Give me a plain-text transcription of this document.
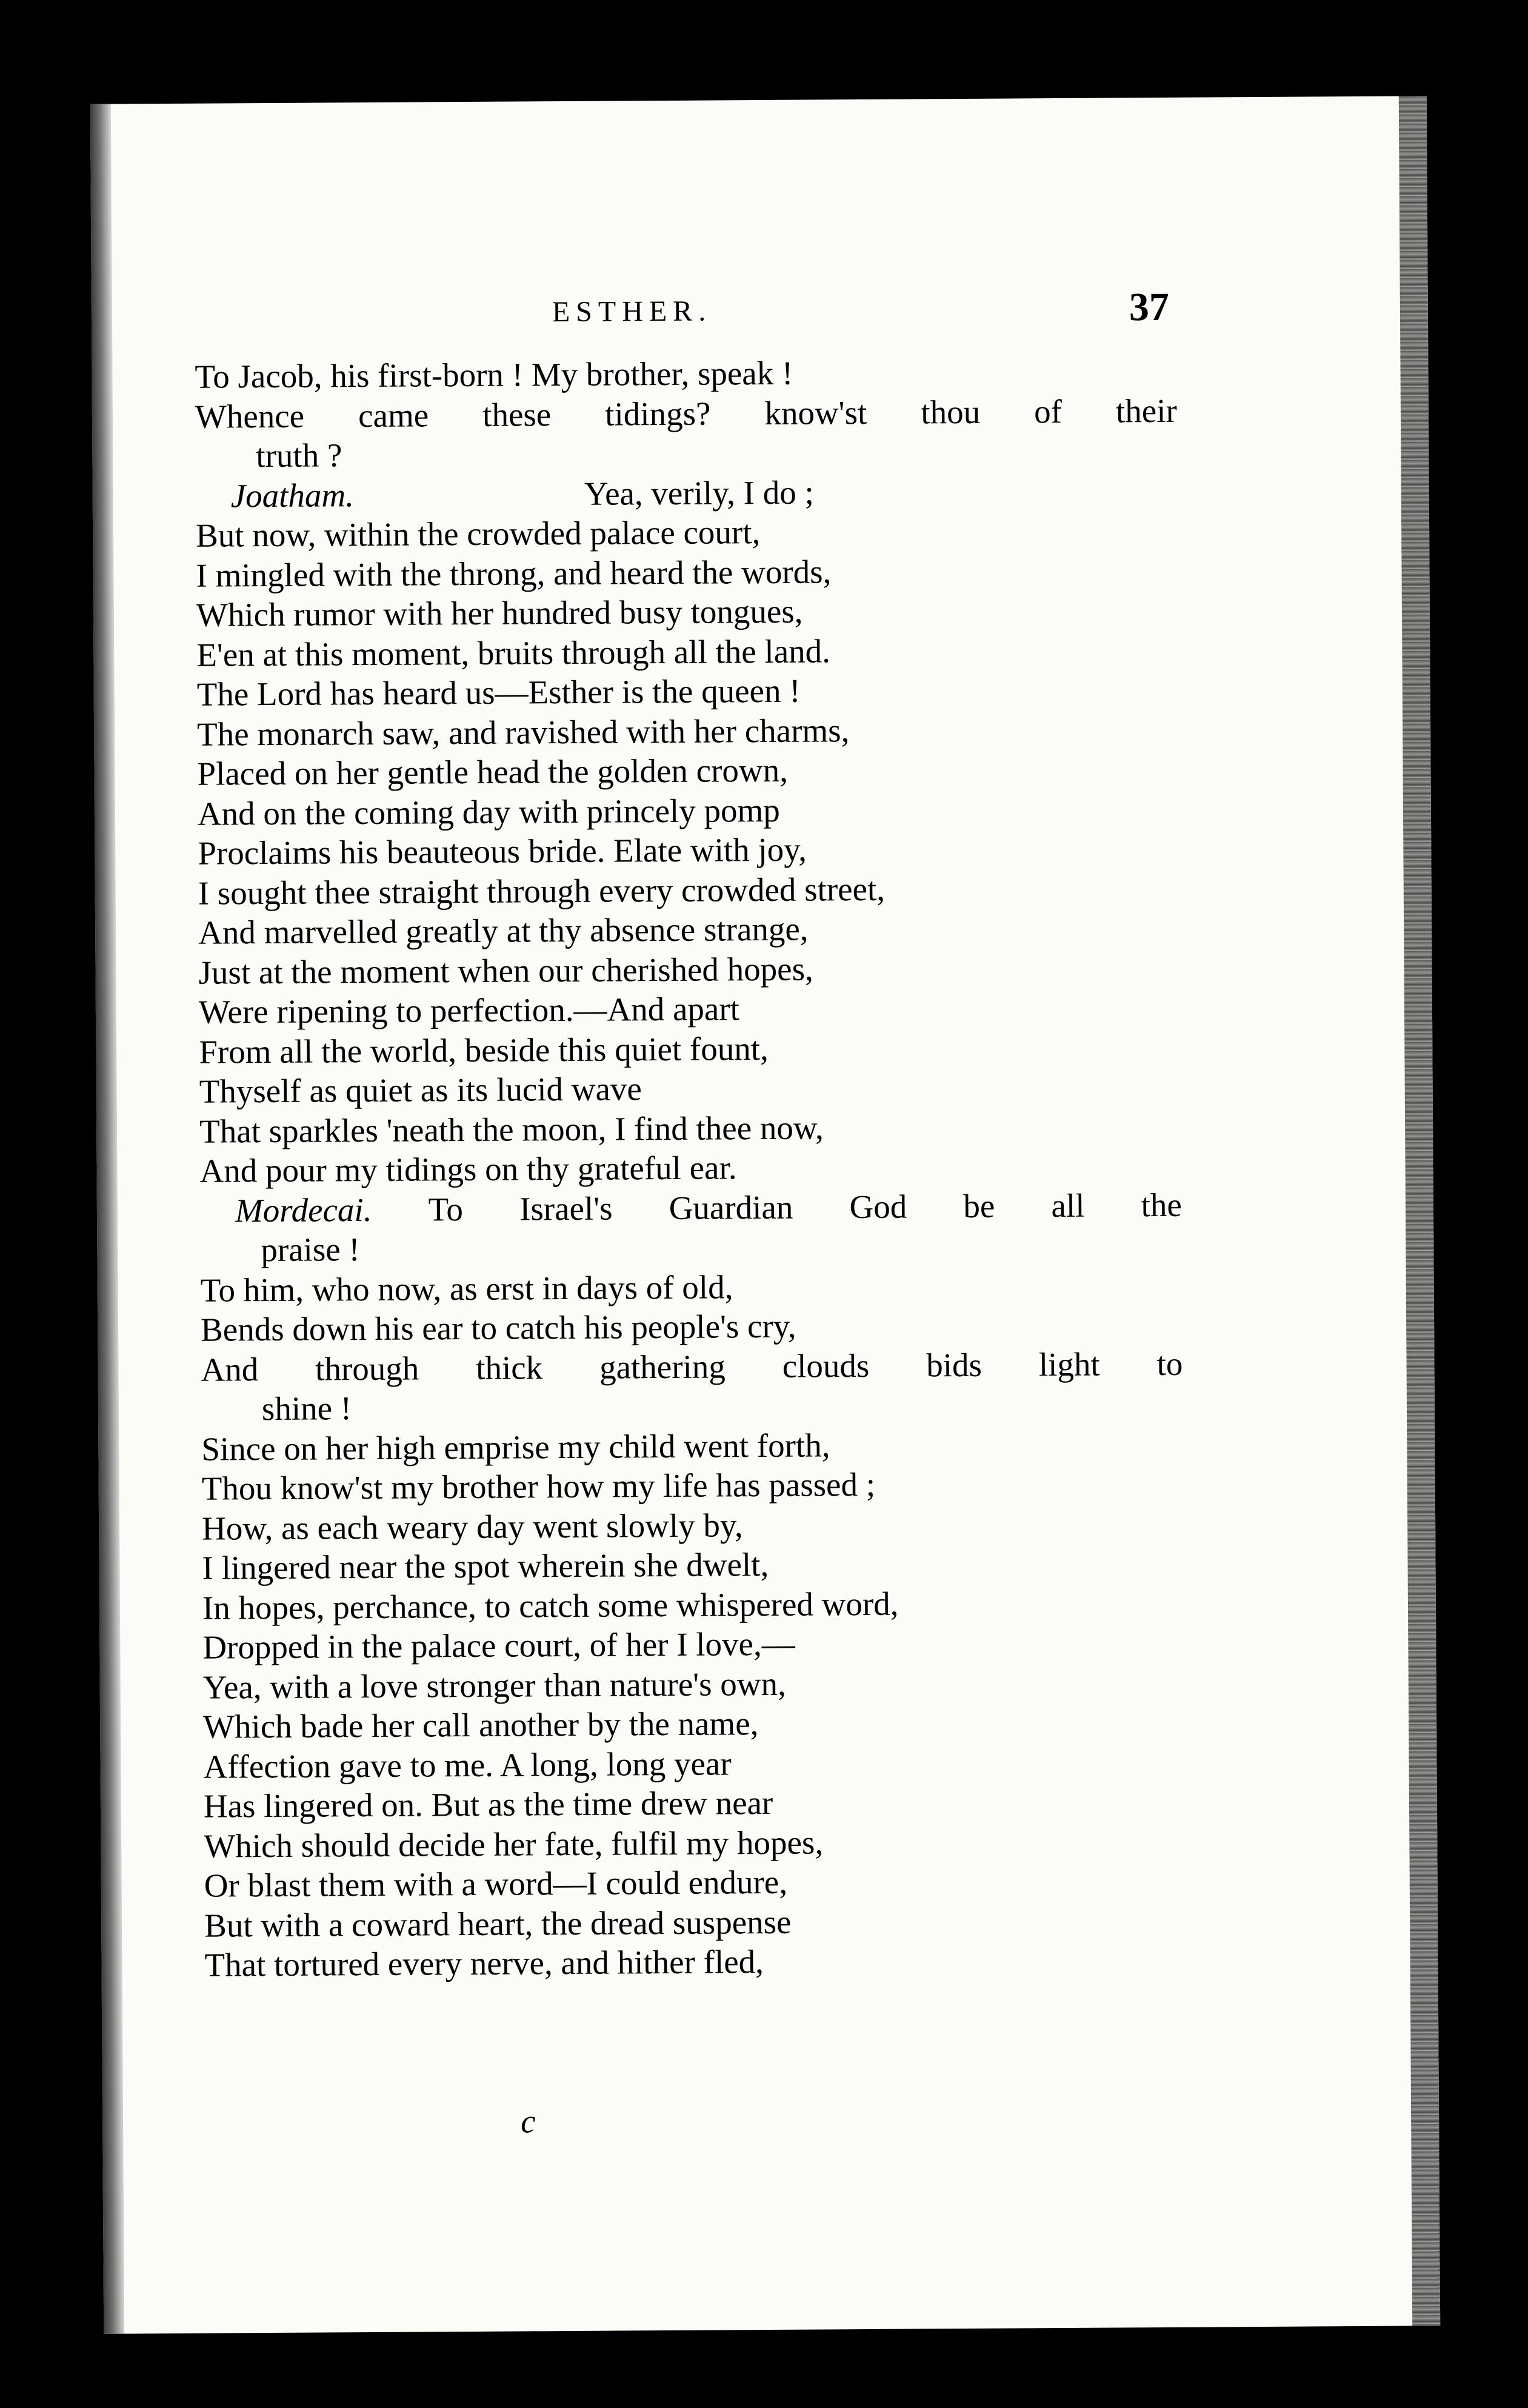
ESTHER.	37
To Jacob, his first-born ! My brother, speak !
Whence came these tidings? know'st thou of their
truth ?
Joatham.	Yea, verily, I do ;
But now, within the crowded palace court,
I mingled with the throng, and heard the words,
Which rumor with her hundred busy tongues,
E'en at this moment, bruits through all the land.
The Lord has heard us—Esther is the queen !
The monarch saw, and ravished with her charms,
Placed on her gentle head the golden crown,
And on the coming day with princely pomp
Proclaims his beauteous bride. Elate with joy,
I sought thee straight through every crowded street,
And marvelled greatly at thy absence strange,
Just at the moment when our cherished hopes,
Were ripening to perfection.—And apart
From all the world, beside this quiet fount,
Thyself as quiet as its lucid wave
That sparkles 'neath the moon, I find thee now,
And pour my tidings on thy grateful ear.
Mordecai. To Israel's Guardian God be all the
praise !
To him, who now, as erst in days of old,
Bends down his ear to catch his people's cry,
And through thick gathering clouds bids light to
shine !
Since on her high emprise my child went forth,
Thou know'st my brother how my life has passed ;
How, as each weary day went slowly by,
I lingered near the spot wherein she dwelt,
In hopes, perchance, to catch some whispered word,
Dropped in the palace court, of her I love,—
Yea, with a love stronger than nature's own,
Which bade her call another by the name,
Affection gave to me. A long, long year
Has lingered on. But as the time drew near
Which should decide her fate, fulfil my hopes,
Or blast them with a word—I could endure,
But with a coward heart, the dread suspense
That tortured every nerve, and hither fled,
c
